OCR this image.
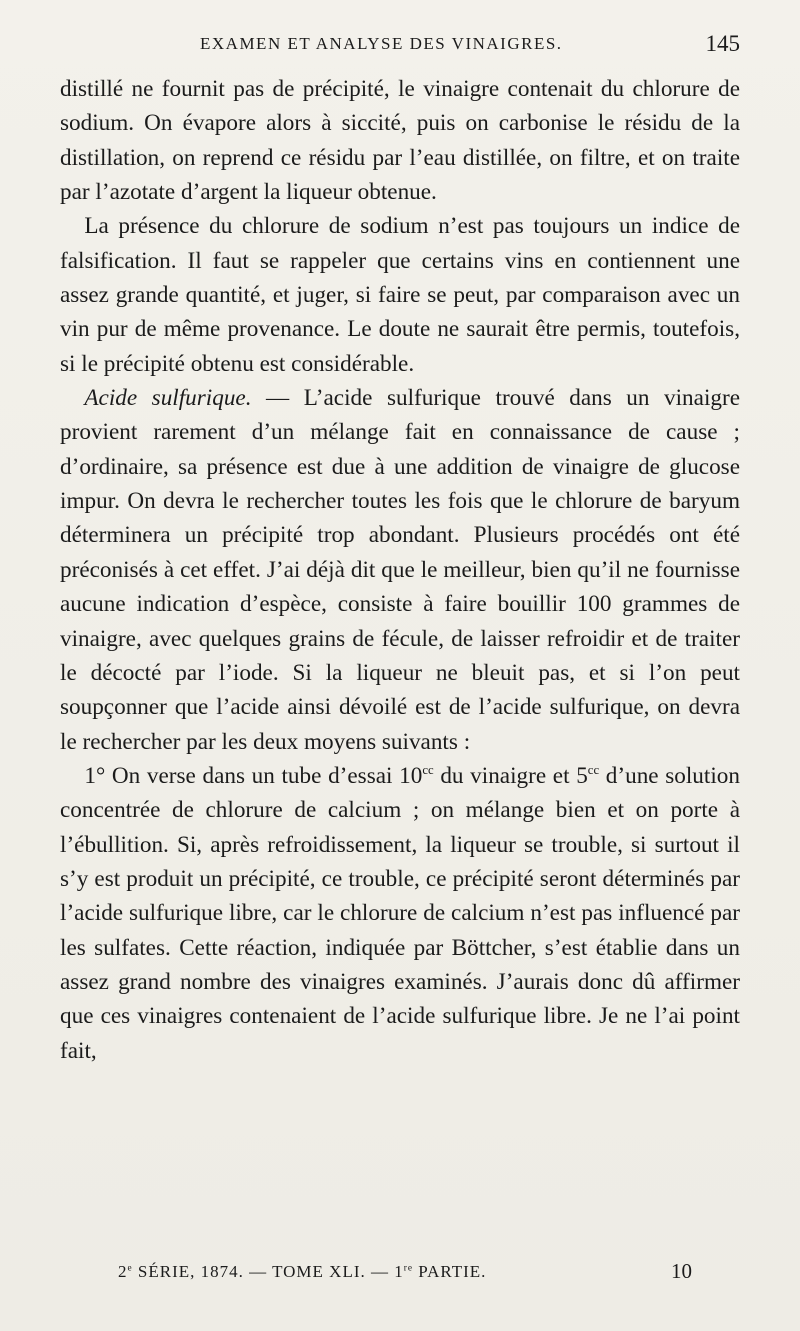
EXAMEN ET ANALYSE DES VINAIGRES.	145

distillé ne fournit pas de précipité, le vinaigre contenait du chlorure de sodium. On évapore alors à siccité, puis on carbonise le résidu de la distillation, on reprend ce résidu par l’eau distillée, on filtre, et on traite par l’azotate d’argent la liqueur obtenue.

La présence du chlorure de sodium n’est pas toujours un indice de falsification. Il faut se rappeler que certains vins en contiennent une assez grande quantité, et juger, si faire se peut, par comparaison avec un vin pur de même provenance. Le doute ne saurait être permis, toutefois, si le précipité obtenu est considérable.

Acide sulfurique. — L’acide sulfurique trouvé dans un vinaigre provient rarement d’un mélange fait en connaissance de cause ; d’ordinaire, sa présence est due à une addition de vinaigre de glucose impur. On devra le rechercher toutes les fois que le chlorure de baryum déterminera un précipité trop abondant. Plusieurs procédés ont été préconisés à cet effet. J’ai déjà dit que le meilleur, bien qu’il ne fournisse aucune indication d’espèce, consiste à faire bouillir 100 grammes de vinaigre, avec quelques grains de fécule, de laisser refroidir et de traiter le décocté par l’iode. Si la liqueur ne bleuit pas, et si l’on peut soupçonner que l’acide ainsi dévoilé est de l’acide sulfurique, on devra le rechercher par les deux moyens suivants :

1° On verse dans un tube d’essai $10^{cc}$ du vinaigre et $5^{cc}$ d’une solution concentrée de chlorure de calcium ; on mélange bien et on porte à l’ébullition. Si, après refroidissement, la liqueur se trouble, si surtout il s’y est produit un précipité, ce trouble, ce précipité seront déterminés par l’acide sulfurique libre, car le chlorure de calcium n’est pas influencé par les sulfates. Cette réaction, indiquée par Böttcher, s’est établie dans un assez grand nombre des vinaigres examinés. J’aurais donc dû affirmer que ces vinaigres contenaient de l’acide sulfurique libre. Je ne l’ai point fait,

2e SÉRIE, 1874. — TOME XLI. — 1re PARTIE.	10
